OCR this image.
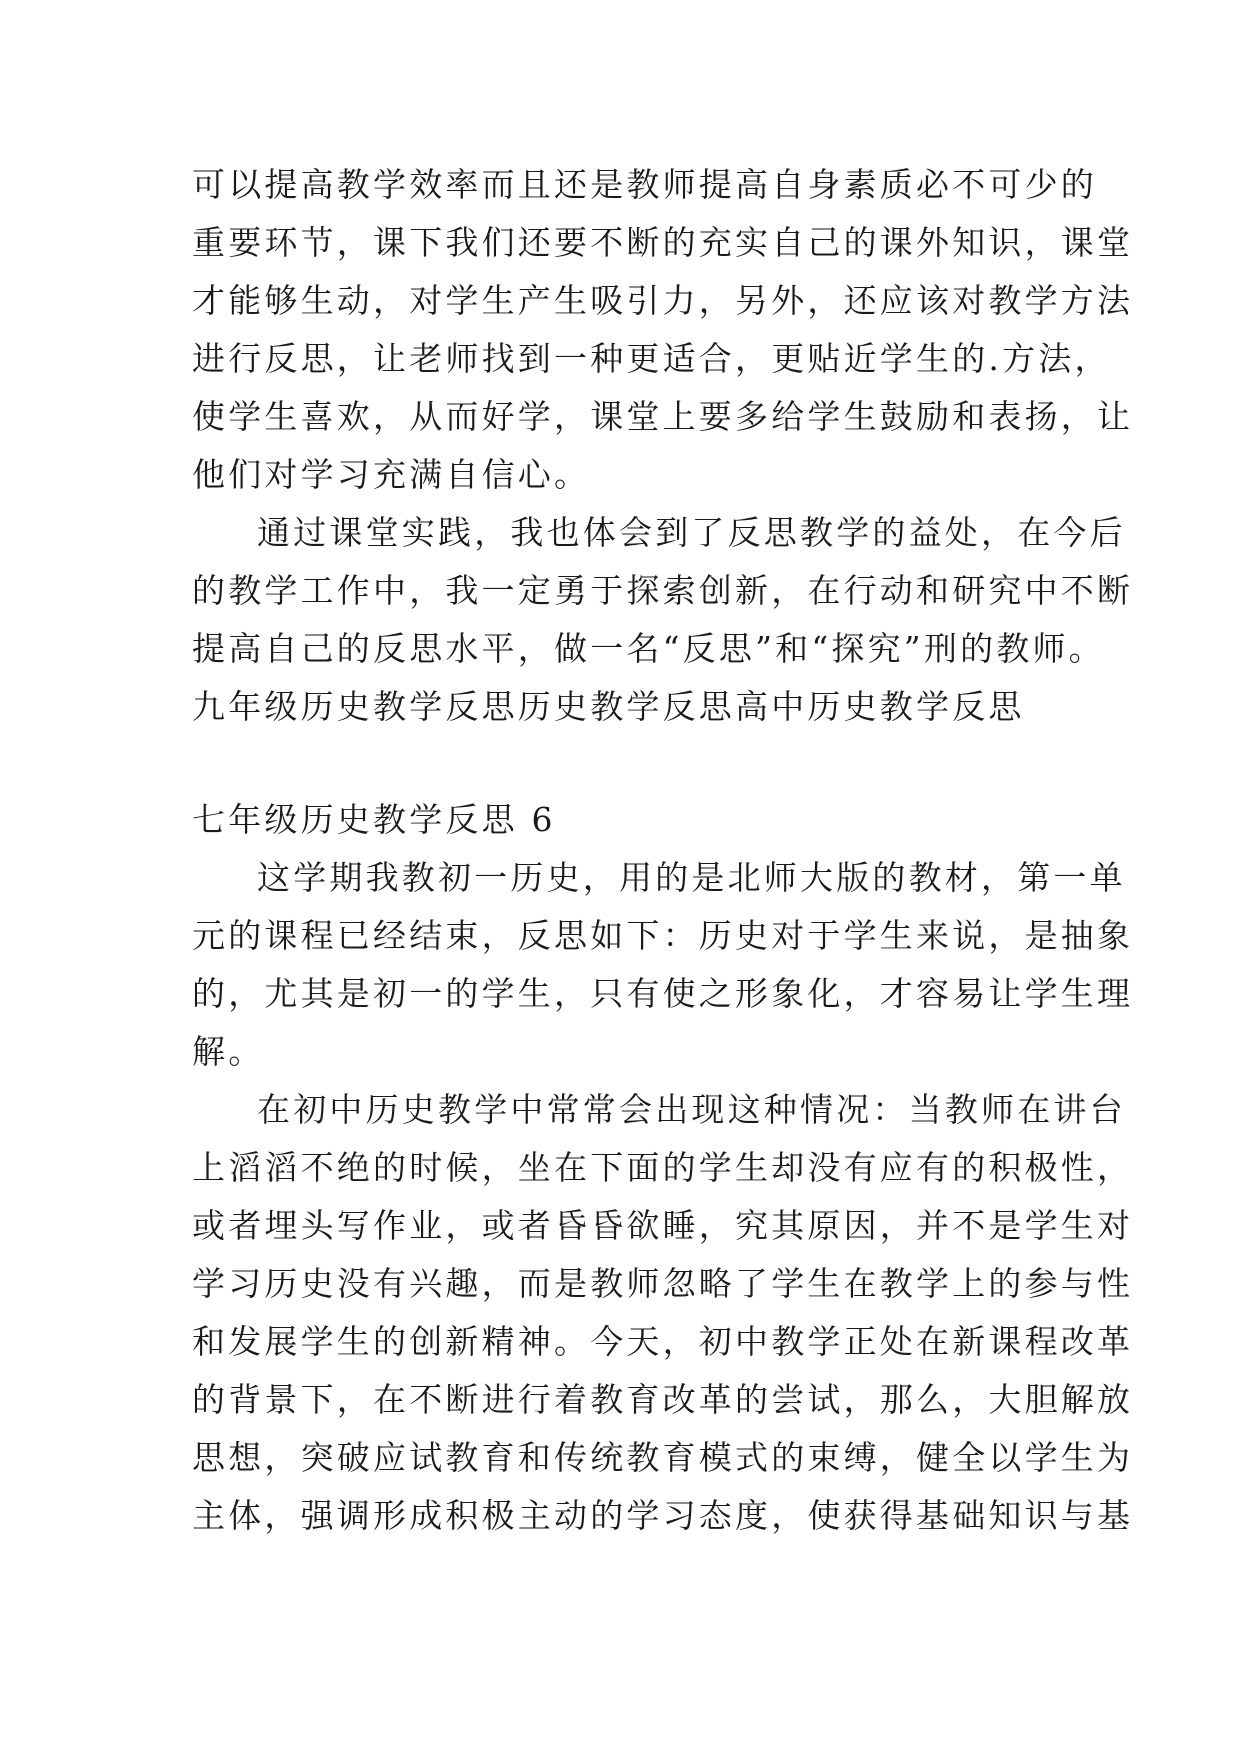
可以提高教学效率而且还是教师提高自身素质必不可少的
重要环节，课下我们还要不断的充实自己的课外知识，课堂
才能够生动，对学生产生吸引力，另外，还应该对教学方法
进行反思，让老师找到一种更适合，更贴近学生的.方法，
使学生喜欢，从而好学，课堂上要多给学生鼓励和表扬，让
他们对学习充满自信心。
通过课堂实践，我也体会到了反思教学的益处，在今后
的教学工作中，我一定勇于探索创新，在行动和研究中不断
提高自己的反思水平，做一名“反思”和“探究”刑的教师。
九年级历史教学反思历史教学反思高中历史教学反思
七年级历史教学反思 6
这学期我教初一历史，用的是北师大版的教材，第一单
元的课程已经结束，反思如下：历史对于学生来说，是抽象
的，尤其是初一的学生，只有使之形象化，才容易让学生理
解。
在初中历史教学中常常会出现这种情况：当教师在讲台
上滔滔不绝的时候，坐在下面的学生却没有应有的积极性，
或者埋头写作业，或者昏昏欲睡，究其原因，并不是学生对
学习历史没有兴趣，而是教师忽略了学生在教学上的参与性
和发展学生的创新精神。今天，初中教学正处在新课程改革
的背景下，在不断进行着教育改革的尝试，那么，大胆解放
思想，突破应试教育和传统教育模式的束缚，健全以学生为
主体，强调形成积极主动的学习态度，使获得基础知识与基
